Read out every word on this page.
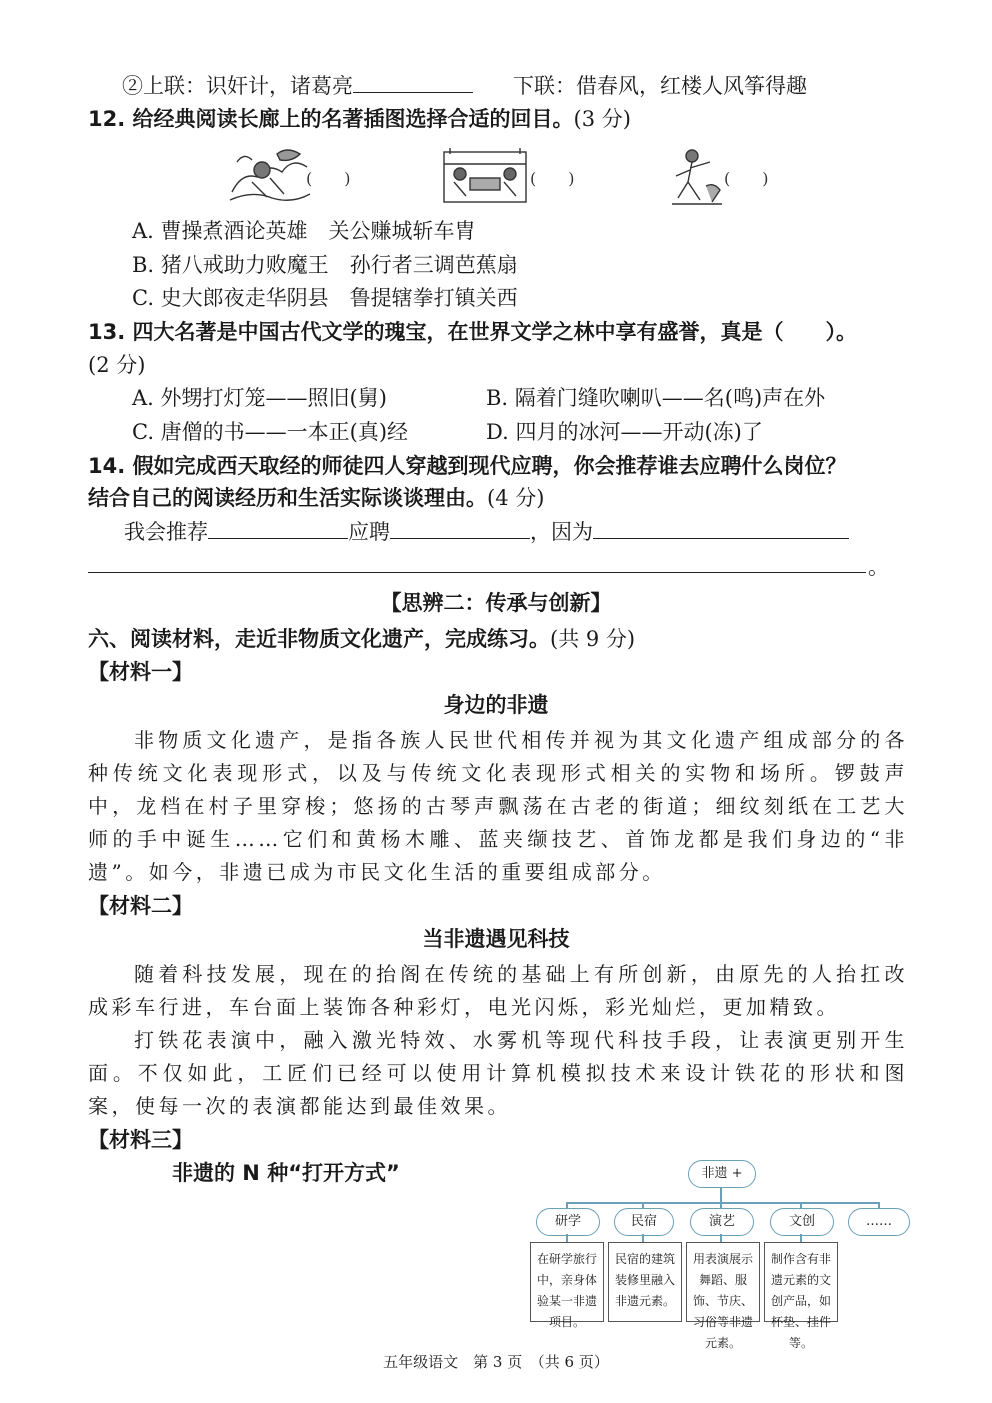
②上联：识奸计，诸葛亮	下联：借春风，红楼人风筝得趣
12. 给经典阅读长廊上的名著插图选择合适的回目。(3 分)
(　　)	(　　)	(　　)
A. 曹操煮酒论英雄　关公赚城斩车胄
B. 猪八戒助力败魔王　孙行者三调芭蕉扇
C. 史大郎夜走华阴县　鲁提辖拳打镇关西
13. 四大名著是中国古代文学的瑰宝，在世界文学之林中享有盛誉，真是（　　）。
(2 分)
A. 外甥打灯笼——照旧(舅)	B. 隔着门缝吹喇叭——名(鸣)声在外
C. 唐僧的书——一本正(真)经	D. 四月的冰河——开动(冻)了
14. 假如完成西天取经的师徒四人穿越到现代应聘，你会推荐谁去应聘什么岗位？
结合自己的阅读经历和生活实际谈谈理由。(4 分)
我会推荐	应聘	，因为
。
【思辨二：传承与创新】
六、阅读材料，走近非物质文化遗产，完成练习。(共 9 分)
【材料一】
身边的非遗
非物质文化遗产，是指各族人民世代相传并视为其文化遗产组成部分的各种传统文化表现形式，以及与传统文化表现形式相关的实物和场所。锣鼓声中，龙档在村子里穿梭；悠扬的古琴声飘荡在古老的街道；细纹刻纸在工艺大师的手中诞生……它们和黄杨木雕、蓝夹缬技艺、首饰龙都是我们身边的“非遗”。如今，非遗已成为市民文化生活的重要组成部分。
【材料二】
当非遗遇见科技
随着科技发展，现在的抬阁在传统的基础上有所创新，由原先的人抬扛改成彩车行进，车台面上装饰各种彩灯，电光闪烁，彩光灿烂，更加精致。
打铁花表演中，融入激光特效、水雾机等现代科技手段，让表演更别开生面。不仅如此，工匠们已经可以使用计算机模拟技术来设计铁花的形状和图案，使每一次的表演都能达到最佳效果。
【材料三】
非遗的 N 种“打开方式”	非遗 +
研学	民宿	演艺	文创	……
在研学旅行中，亲身体验某一非遗项目。
民宿的建筑装修里融入非遗元素。
用表演展示舞蹈、服饰、节庆、习俗等非遗元素。
制作含有非遗元素的文创产品，如杯垫、挂件等。
五年级语文　第 3 页　（共 6 页）
